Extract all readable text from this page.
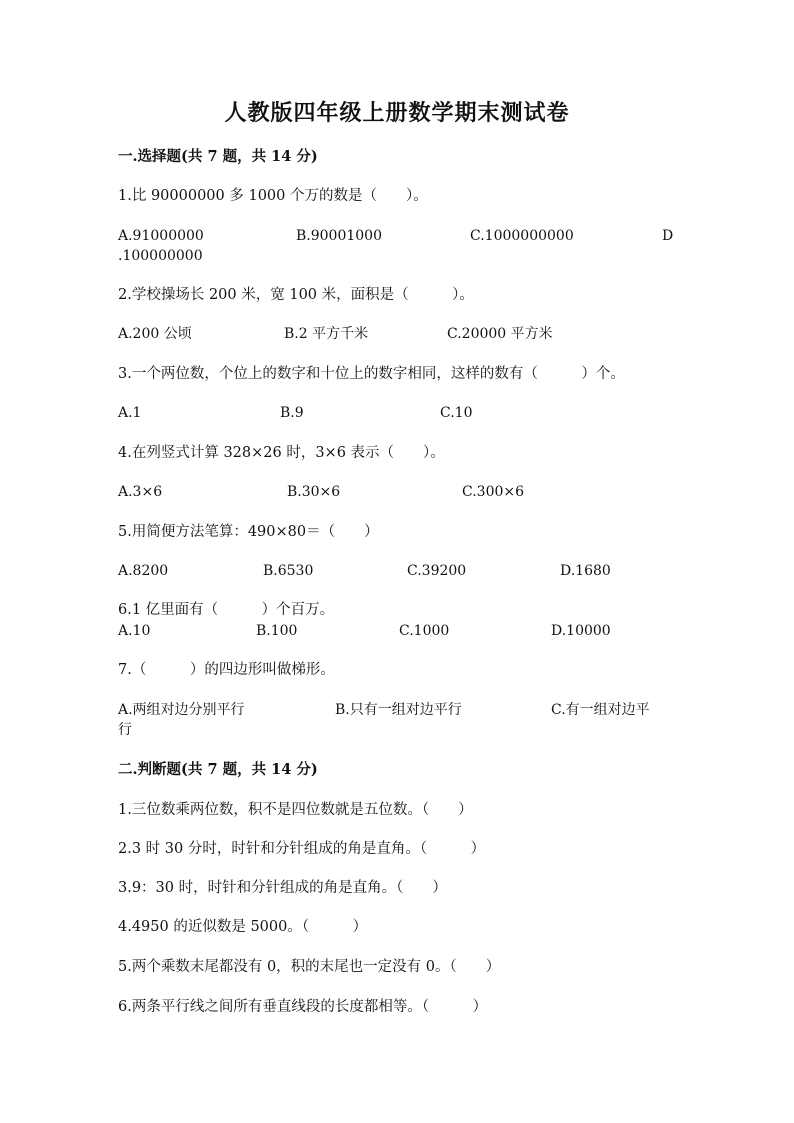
人教版四年级上册数学期末测试卷
一.选择题(共 7 题，共 14 分)
1.比 90000000 多 1000 个万的数是（　　）。
A.91000000	B.90001000	C.1000000000	D
.100000000
2.学校操场长 200 米，宽 100 米，面积是（　　　）。
A.200 公顷	B.2 平方千米	C.20000 平方米
3.一个两位数，个位上的数字和十位上的数字相同，这样的数有（　　　）个。
A.1	B.9	C.10
4.在列竖式计算 328×26 时，3×6 表示（　　）。
A.3×6	B.30×6	C.300×6
5.用简便方法笔算：490×80＝（　　）
A.8200	B.6530	C.39200	D.1680
6.1 亿里面有（　　　）个百万。
A.10	B.100	C.1000	D.10000
7.（　　　）的四边形叫做梯形。
A.两组对边分别平行	B.只有一组对边平行	C.有一组对边平
行
二.判断题(共 7 题，共 14 分)
1.三位数乘两位数，积不是四位数就是五位数。（　　）
2.3 时 30 分时，时针和分针组成的角是直角。（　　　）
3.9：30 时，时针和分针组成的角是直角。（　　）
4.4950 的近似数是 5000。（　　　）
5.两个乘数末尾都没有 0，积的末尾也一定没有 0。（　　）
6.两条平行线之间所有垂直线段的长度都相等。（　　　）
